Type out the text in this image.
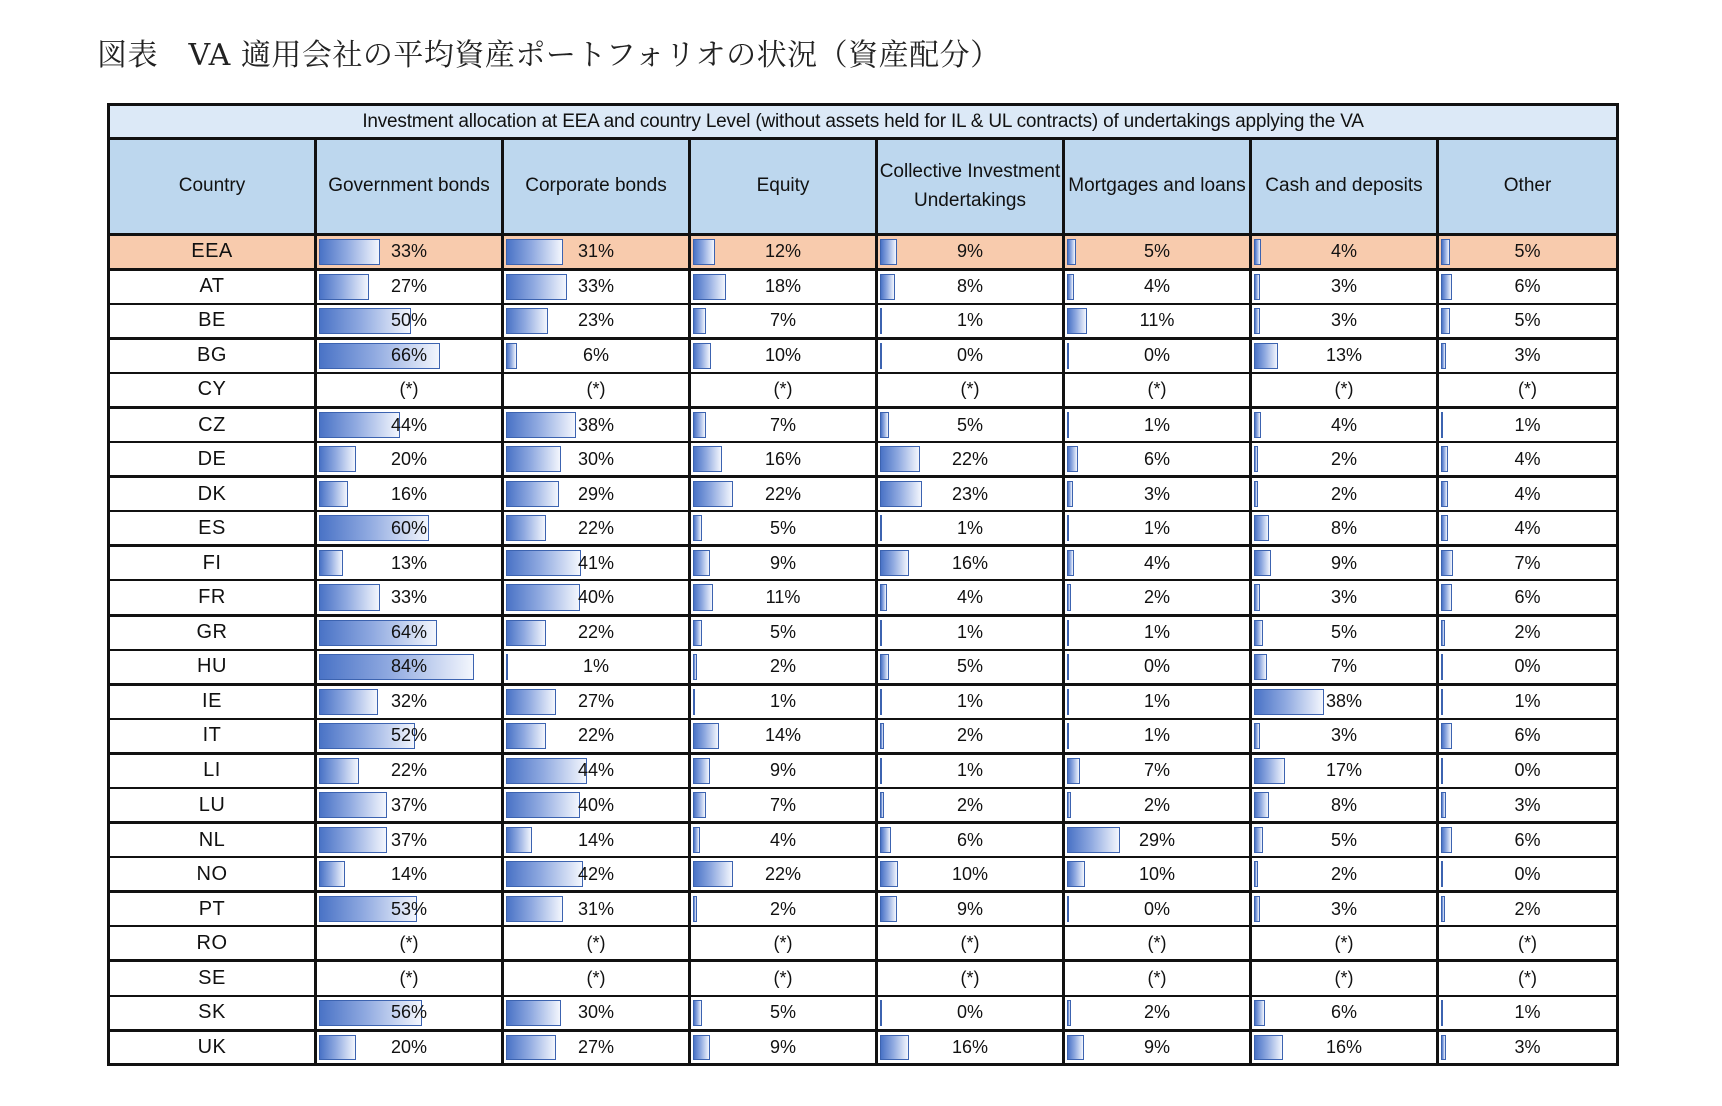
図表　VA 適用会社の平均資産ポートフォリオの状況（資産配分）
Investment allocation at EEA and country Level (without assets held for IL & UL contracts) of undertakings applying the VA							
Country	Government bonds	Corporate bonds	Equity	Collective Investment Undertakings	Mortgages and loans	Cash and deposits	Other
EEA	33%	31%	12%	9%	5%	4%	5%

AT	27%	33%	18%	8%	4%	3%	6%

BE	50%	23%	7%	1%	11%	3%	5%

BG	66%	6%	10%	0%	0%	13%	3%

CY	(*)	(*)	(*)	(*)	(*)	(*)	(*)

CZ	44%	38%	7%	5%	1%	4%	1%

DE	20%	30%	16%	22%	6%	2%	4%

DK	16%	29%	22%	23%	3%	2%	4%

ES	60%	22%	5%	1%	1%	8%	4%

FI	13%	41%	9%	16%	4%	9%	7%

FR	33%	40%	11%	4%	2%	3%	6%

GR	64%	22%	5%	1%	1%	5%	2%

HU	84%	1%	2%	5%	0%	7%	0%

IE	32%	27%	1%	1%	1%	38%	1%

IT	52%	22%	14%	2%	1%	3%	6%

LI	22%	44%	9%	1%	7%	17%	0%

LU	37%	40%	7%	2%	2%	8%	3%

NL	37%	14%	4%	6%	29%	5%	6%

NO	14%	42%	22%	10%	10%	2%	0%

PT	53%	31%	2%	9%	0%	3%	2%

RO	(*)	(*)	(*)	(*)	(*)	(*)	(*)

SE	(*)	(*)	(*)	(*)	(*)	(*)	(*)

SK	56%	30%	5%	0%	2%	6%	1%

UK	20%	27%	9%	16%	9%	16%	3%
